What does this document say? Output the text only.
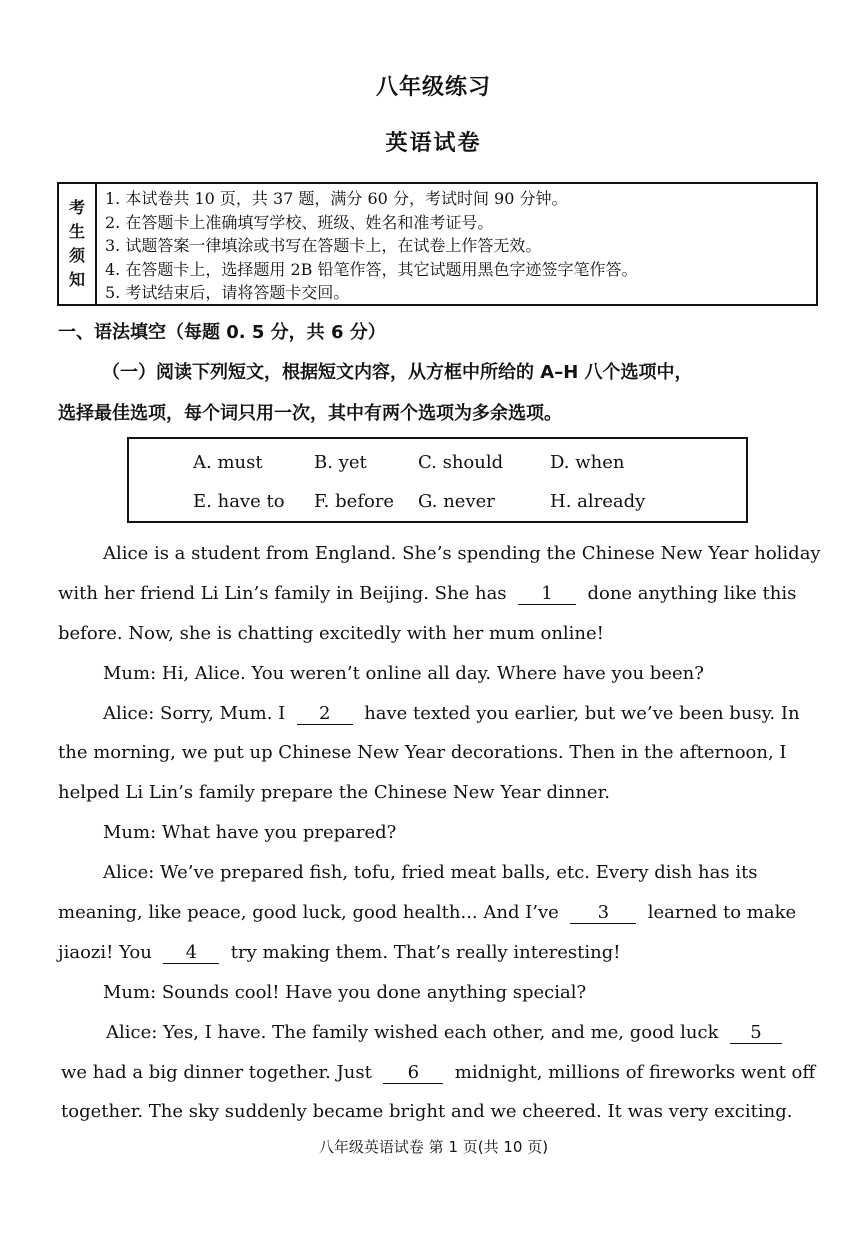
八年级练习
英语试卷
考
生
须
知
1. 本试卷共 10 页，共 37 题，满分 60 分，考试时间 90 分钟。
2. 在答题卡上准确填写学校、班级、姓名和准考证号。
3. 试题答案一律填涂或书写在答题卡上，在试卷上作答无效。
4. 在答题卡上，选择题用 2B 铅笔作答，其它试题用黑色字迹签字笔作答。
5. 考试结束后，请将答题卡交回。
一、语法填空（每题 0. 5 分，共 6 分）
（一）阅读下列短文，根据短文内容，从方框中所给的 A–H 八个选项中，
选择最佳选项，每个词只用一次，其中有两个选项为多余选项。
A. must	B. yet	C. should	D. when
E. have to F. before G. never	H. already
Alice is a student from England. She’s spending the Chinese New Year holiday
with her friend Li Lin’s family in Beijing. She has 1 done anything like this
before. Now, she is chatting excitedly with her mum online!
Mum: Hi, Alice. You weren’t online all day. Where have you been?
Alice: Sorry, Mum. I 2 have texted you earlier, but we’ve been busy. In
the morning, we put up Chinese New Year decorations. Then in the afternoon, I
helped Li Lin’s family prepare the Chinese New Year dinner.
Mum: What have you prepared?
Alice: We’ve prepared fish, tofu, fried meat balls, etc. Every dish has its
meaning, like peace, good luck, good health... And I’ve 3 learned to make
jiaozi! You 4 try making them. That’s really interesting!
Mum: Sounds cool! Have you done anything special?
Alice: Yes, I have. The family wished each other, and me, good luck 5
we had a big dinner together. Just 6 midnight, millions of fireworks went off
together. The sky suddenly became bright and we cheered. It was very exciting.
八年级英语试卷 第 1 页(共 10 页)
